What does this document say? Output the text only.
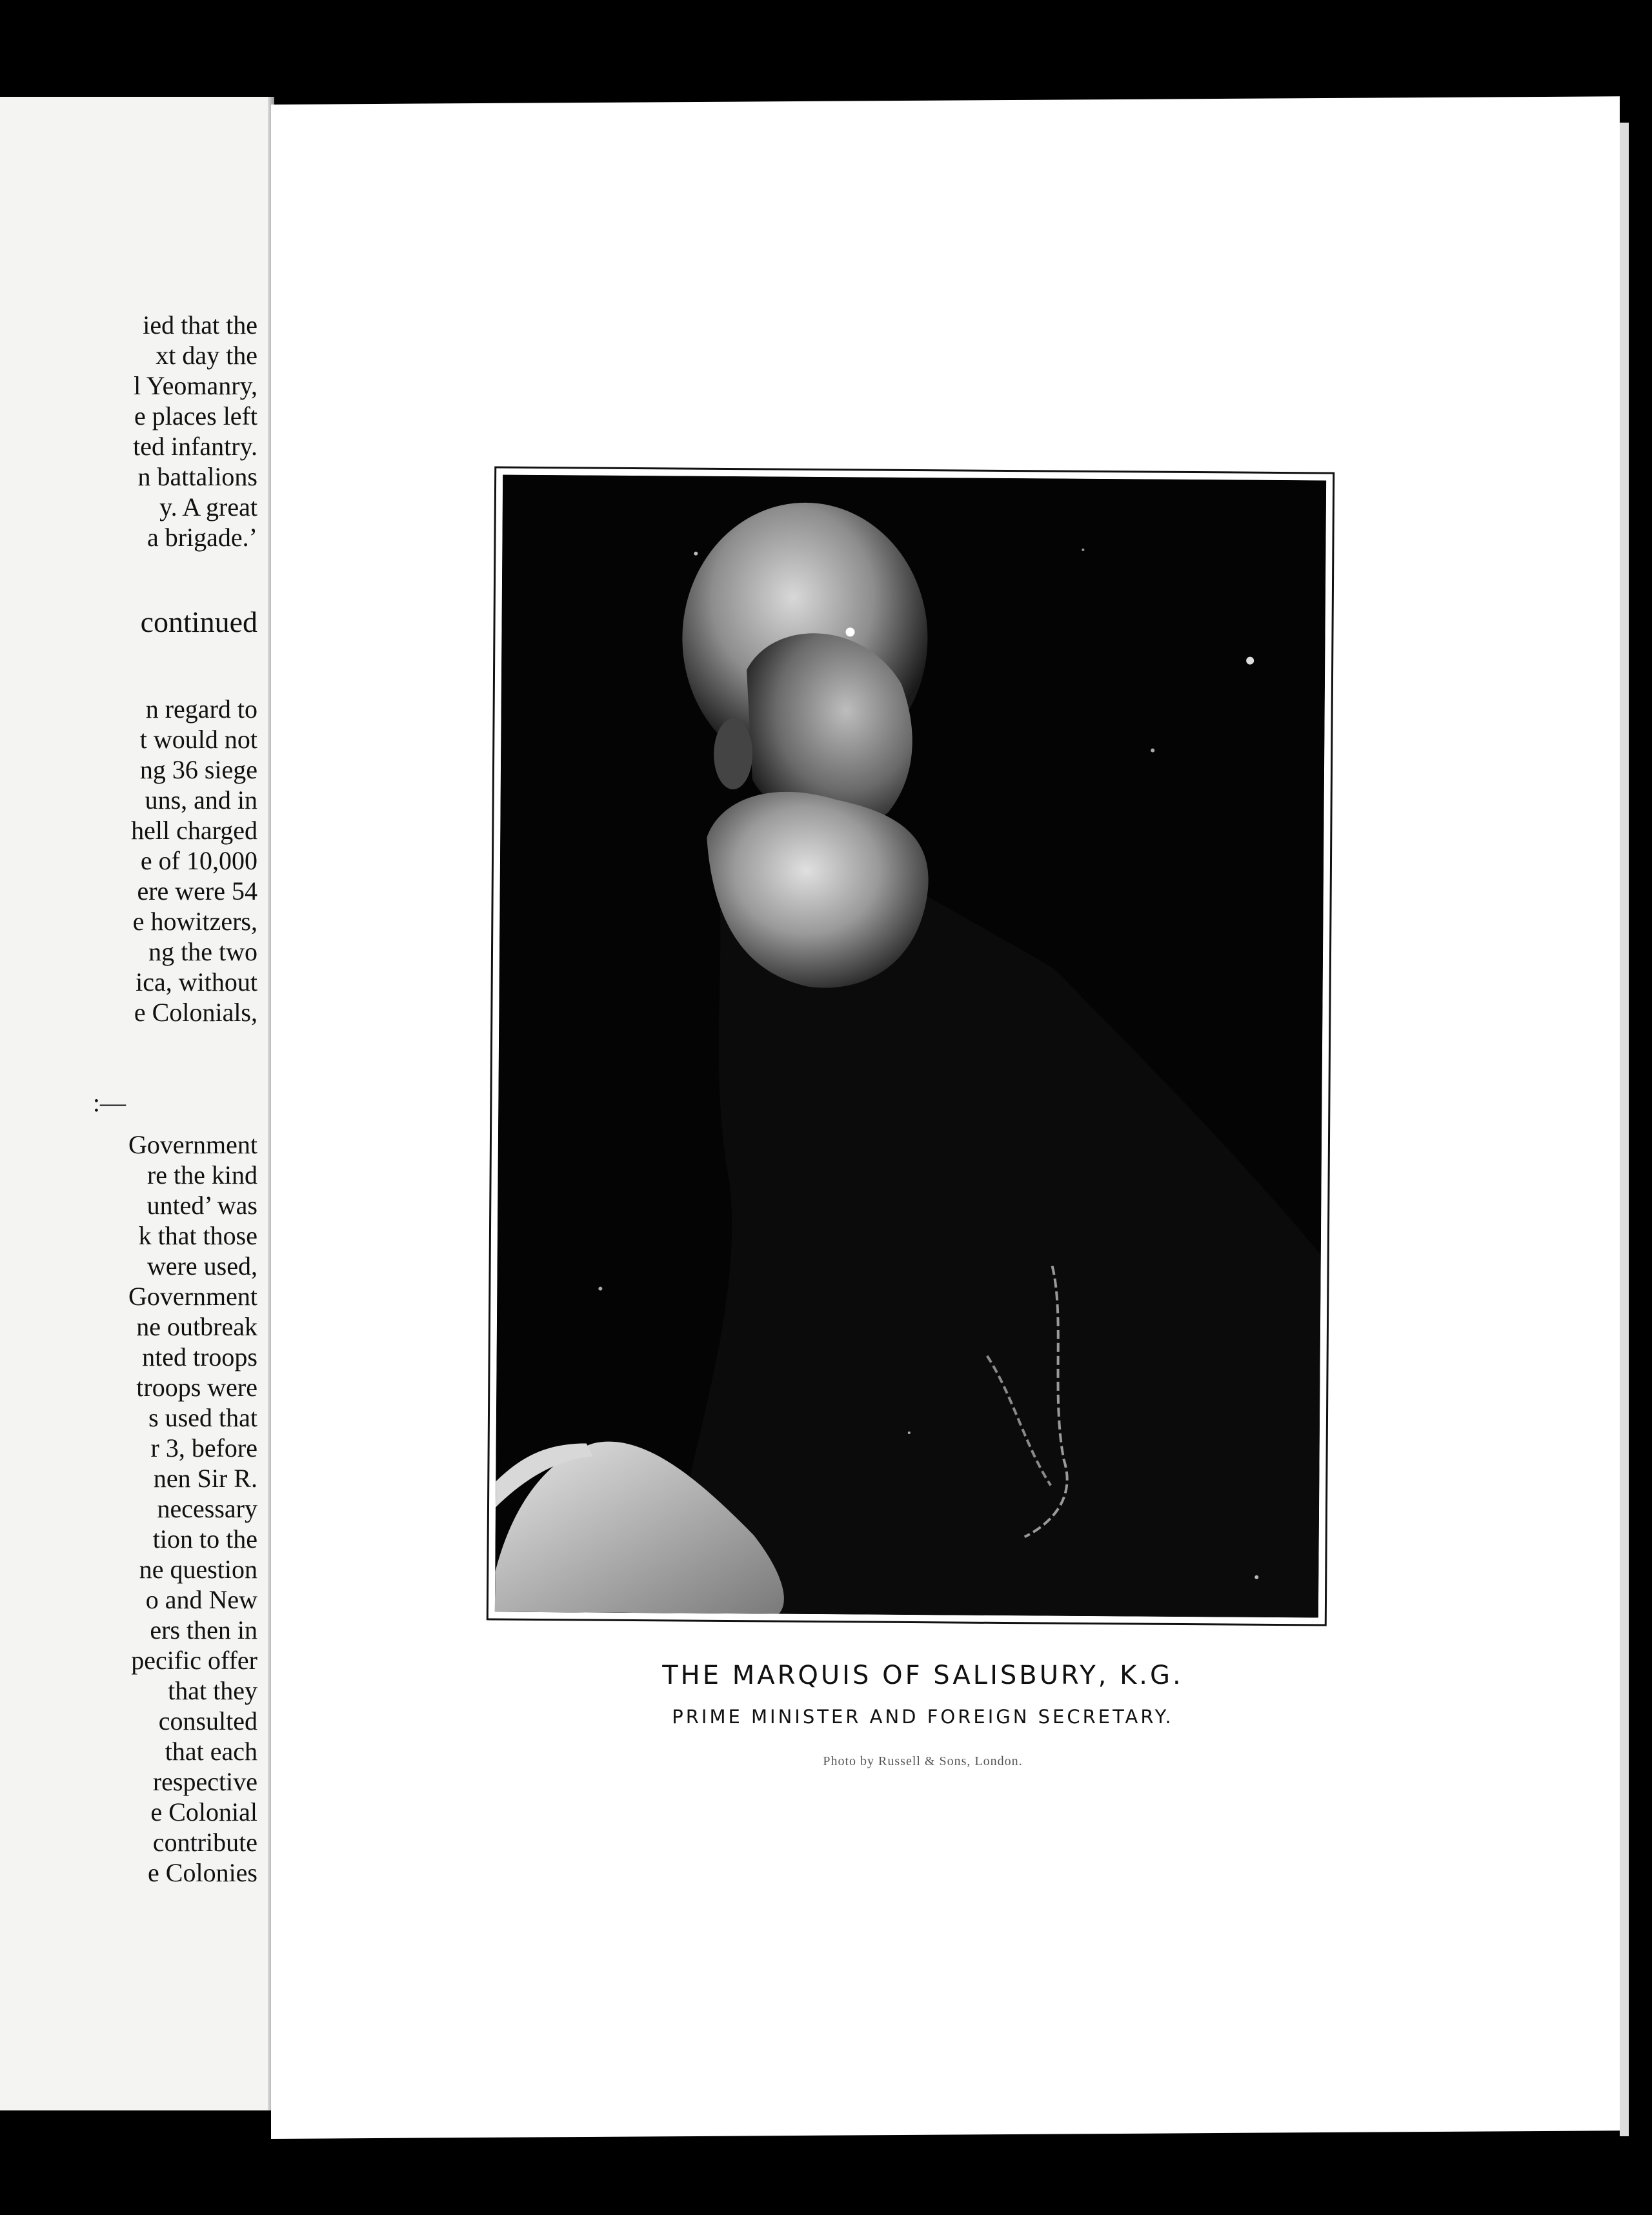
ied that the
xt day the
l Yeomanry,
e places left
ted infantry.
n battalions
y. A great
a brigade.’
continued
n regard to
t would not
ng 36 siege
uns, and in
hell charged
e of 10,000
ere were 54
e howitzers,
ng the two
ica, without
e Colonials,
:—
Government
re the kind
unted’ was
k that those
were used,
Government
ne outbreak
nted troops
troops were
s used that
r 3, before
nen Sir R.
necessary
tion to the
ne question
o and New
ers then in
pecific offer
that they
consulted
that each
respective
e Colonial
contribute
e Colonies
THE MARQUIS OF SALISBURY, K.G.
PRIME MINISTER AND FOREIGN SECRETARY.
Photo by Russell & Sons, London.
